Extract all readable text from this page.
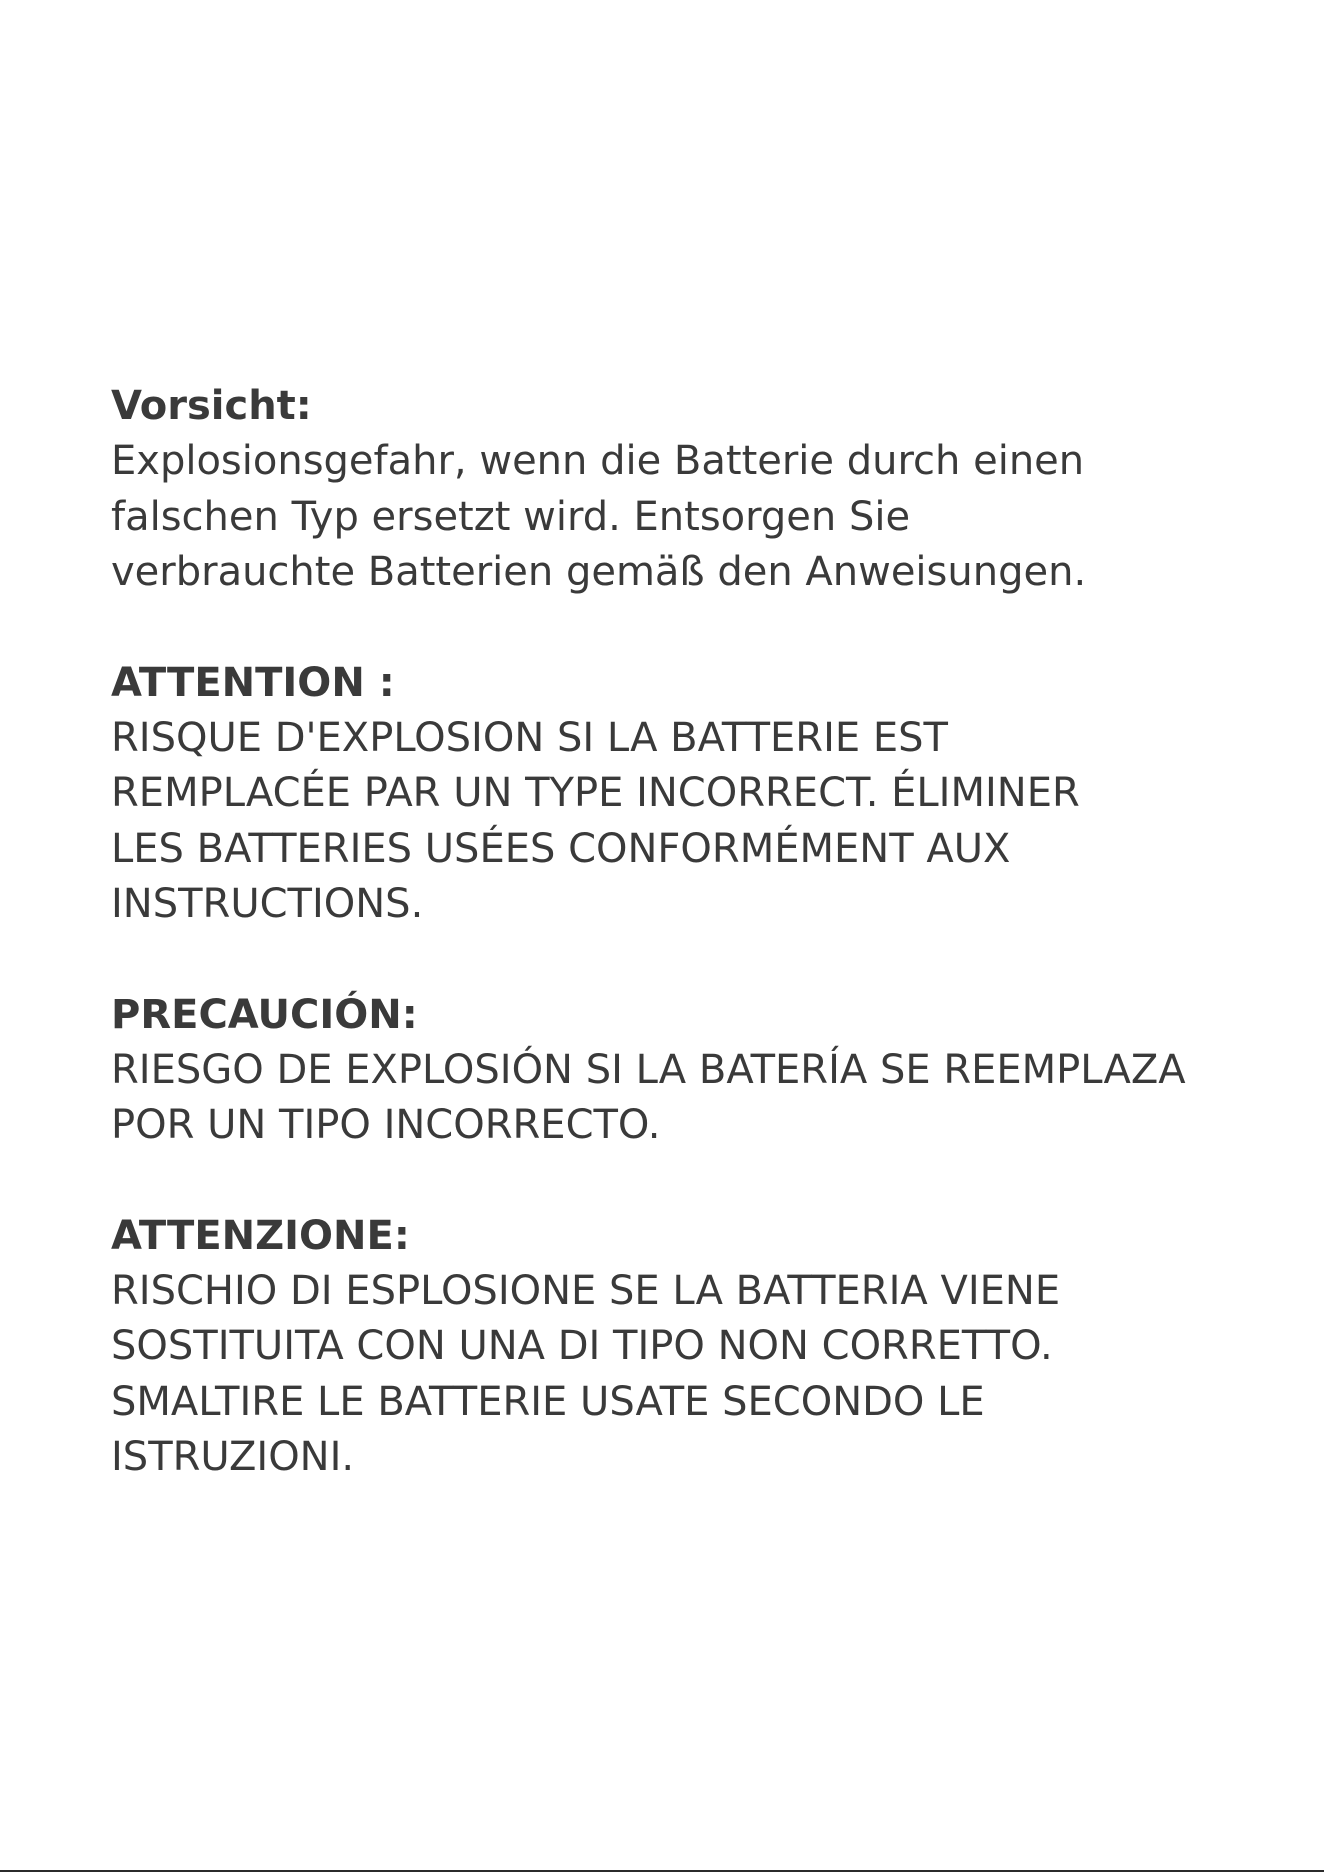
Vorsicht:

Explosionsgefahr, wenn die Batterie durch einen

falschen Typ ersetzt wird. Entsorgen Sie

verbrauchte Batterien gemäß den Anweisungen.

ATTENTION :

RISQUE D'EXPLOSION SI LA BATTERIE EST

REMPLACÉE PAR UN TYPE INCORRECT. ÉLIMINER

LES BATTERIES USÉES CONFORMÉMENT AUX

INSTRUCTIONS.

PRECAUCIÓN:

RIESGO DE EXPLOSIÓN SI LA BATERÍA SE REEMPLAZA

POR UN TIPO INCORRECTO.

ATTENZIONE:

RISCHIO DI ESPLOSIONE SE LA BATTERIA VIENE

SOSTITUITA CON UNA DI TIPO NON CORRETTO.

SMALTIRE LE BATTERIE USATE SECONDO LE

ISTRUZIONI.
